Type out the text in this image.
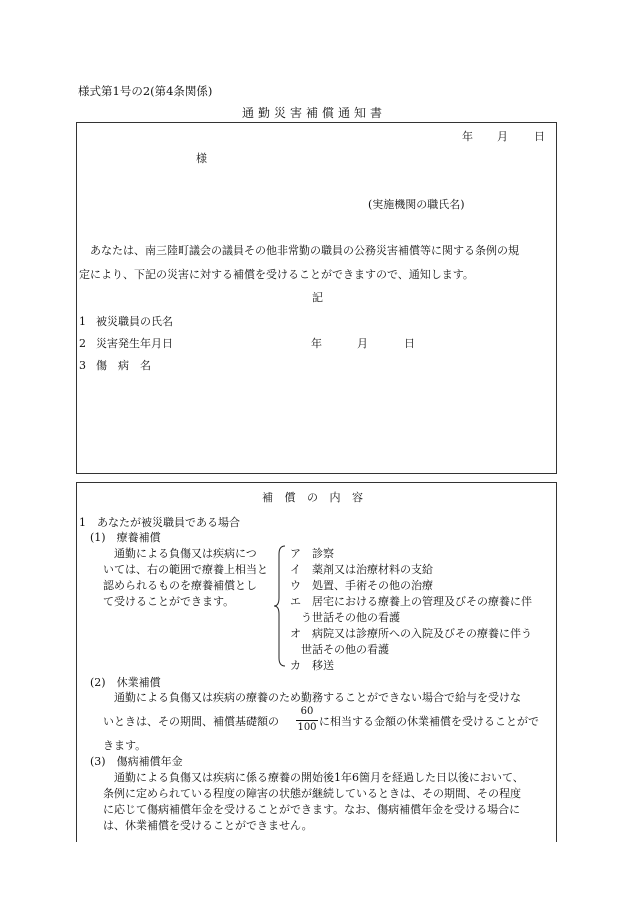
様式第1号の2(第4条関係)
通勤災害補償通知書
年 月 日
様
(実施機関の職氏名)
あなたは、南三陸町議会の議員その他非常勤の職員の公務災害補償等に関する条例の規
定により、下記の災害に対する補償を受けることができますので、通知します。
記
1 被災職員の氏名
2 災害発生年月日	年	月	日
3 傷　病　名
補 償 の 内 容
1　あなたが被災職員である場合
(1)　療養補償
通勤による負傷又は疾病につ
いては、右の範囲で療養上相当と
認められるものを療養補償とし
て受けることができます。
ア　診察
イ　薬剤又は治療材料の支給
ウ　処置、手術その他の治療
エ　居宅における療養上の管理及びその療養に伴
　う世話その他の看護
オ　病院又は診療所への入院及びその療養に伴う
　世話その他の看護
カ　移送
(2)　休業補償
通勤による負傷又は疾病の療養のため勤務することができない場合で給与を受けな
いときは、その期間、補償基礎額の
60
100 に相当する金額の休業補償を受けることがで
きます。
(3)　傷病補償年金
通勤による負傷又は疾病に係る療養の開始後1年6箇月を経過した日以後において、
条例に定められている程度の障害の状態が継続しているときは、その期間、その程度
に応じて傷病補償年金を受けることができます。なお、傷病補償年金を受ける場合に
は、休業補償を受けることができません。
